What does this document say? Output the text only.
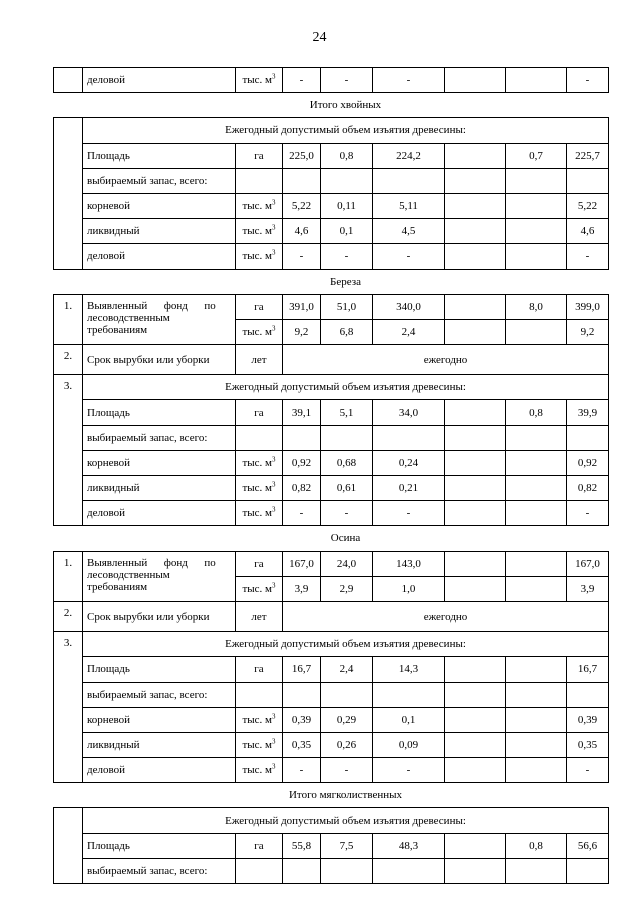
24
	деловой	тыс. $м^3$	-	-	-			-
	Итого хвойных							
	Ежегодный допустимый объем изъятия древесины:							
	Площадь	га	225,0	0,8	224,2		0,7	225,7
	выбираемый запас, всего:							
	корневой	тыс. $м^3$	5,22	0,11	5,11			5,22
	ликвидный	тыс. $м^3$	4,6	0,1	4,5			4,6
	деловой	тыс. $м^3$	-	-	-			-
	Береза							
1.	Выявленный      фонд      по
лесоводственным
требованиям	га	391,0	51,0	340,0		8,0	399,0
		тыс. $м^3$	9,2	6,8	2,4			9,2
2.	Срок вырубки или уборки	лет	ежегодно					
3.	Ежегодный допустимый объем изъятия древесины:							
	Площадь	га	39,1	5,1	34,0		0,8	39,9
	выбираемый запас, всего:							
	корневой	тыс. $м^3$	0,92	0,68	0,24			0,92
	ликвидный	тыс. $м^3$	0,82	0,61	0,21			0,82
	деловой	тыс. $м^3$	-	-	-			-
	Осина							
1.	Выявленный      фонд      по
лесоводственным
требованиям	га	167,0	24,0	143,0			167,0
		тыс. $м^3$	3,9	2,9	1,0			3,9
2.	Срок вырубки или уборки	лет	ежегодно					
3.	Ежегодный допустимый объем изъятия древесины:							
	Площадь	га	16,7	2,4	14,3			16,7
	выбираемый запас, всего:							
	корневой	тыс. $м^3$	0,39	0,29	0,1			0,39
	ликвидный	тыс. $м^3$	0,35	0,26	0,09			0,35
	деловой	тыс. $м^3$	-	-	-			-
	Итого мягколиственных							
	Ежегодный допустимый объем изъятия древесины:							
	Площадь	га	55,8	7,5	48,3		0,8	56,6
	выбираемый запас, всего:							
